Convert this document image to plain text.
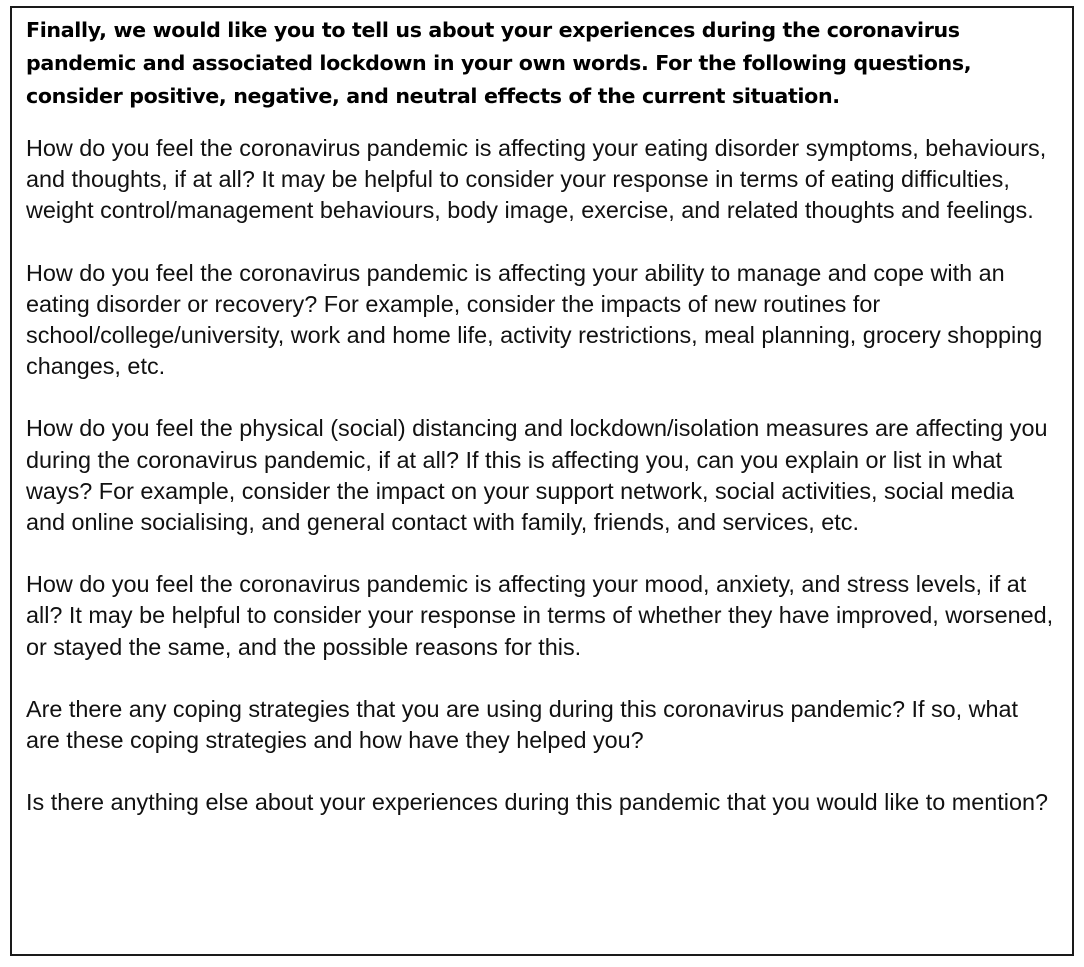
Finally, we would like you to tell us about your experiences during the coronavirus pandemic and associated lockdown in your own words. For the following questions, consider positive, negative, and neutral effects of the current situation.

How do you feel the coronavirus pandemic is affecting your eating disorder symptoms, behaviours, and thoughts, if at all? It may be helpful to consider your response in terms of eating difficulties, weight control/management behaviours, body image, exercise, and related thoughts and feelings.

How do you feel the coronavirus pandemic is affecting your ability to manage and cope with an eating disorder or recovery? For example, consider the impacts of new routines for school/college/university, work and home life, activity restrictions, meal planning, grocery shopping changes, etc.

How do you feel the physical (social) distancing and lockdown/isolation measures are affecting you during the coronavirus pandemic, if at all? If this is affecting you, can you explain or list in what ways? For example, consider the impact on your support network, social activities, social media and online socialising, and general contact with family, friends, and services, etc.

How do you feel the coronavirus pandemic is affecting your mood, anxiety, and stress levels, if at all? It may be helpful to consider your response in terms of whether they have improved, worsened, or stayed the same, and the possible reasons for this.

Are there any coping strategies that you are using during this coronavirus pandemic? If so, what are these coping strategies and how have they helped you?

Is there anything else about your experiences during this pandemic that you would like to mention?
